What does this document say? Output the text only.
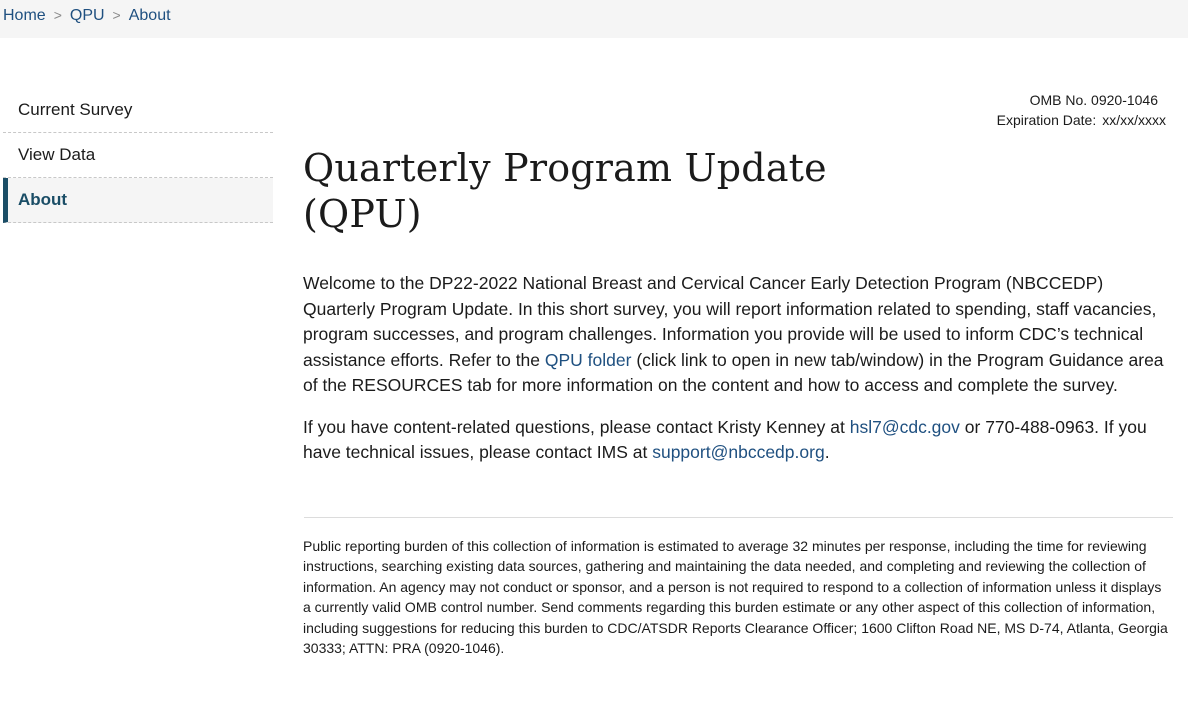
Home > QPU > About
Current Survey
View Data
About
OMB No. 0920-1046
Expiration Date: xx/xx/xxxx
Quarterly Program Update
(QPU)

Welcome to the DP22-2022 National Breast and Cervical Cancer Early Detection Program (NBCCEDP) Quarterly Program Update. In this short survey, you will report information related to spending, staff vacancies, program successes, and program challenges. Information you provide will be used to inform CDC’s technical assistance efforts. Refer to the QPU folder (click link to open in new tab/window) in the Program Guidance area of the RESOURCES tab for more information on the content and how to access and complete the survey.

If you have content-related questions, please contact Kristy Kenney at hsl7@cdc.gov or 770-488-0963. If you have technical issues, please contact IMS at support@nbccedp.org.

Public reporting burden of this collection of information is estimated to average 32 minutes per response, including the time for reviewing instructions, searching existing data sources, gathering and maintaining the data needed, and completing and reviewing the collection of information. An agency may not conduct or sponsor, and a person is not required to respond to a collection of information unless it displays a currently valid OMB control number. Send comments regarding this burden estimate or any other aspect of this collection of information, including suggestions for reducing this burden to CDC/ATSDR Reports Clearance Officer; 1600 Clifton Road NE, MS D-74, Atlanta, Georgia 30333; ATTN: PRA (0920-1046).
